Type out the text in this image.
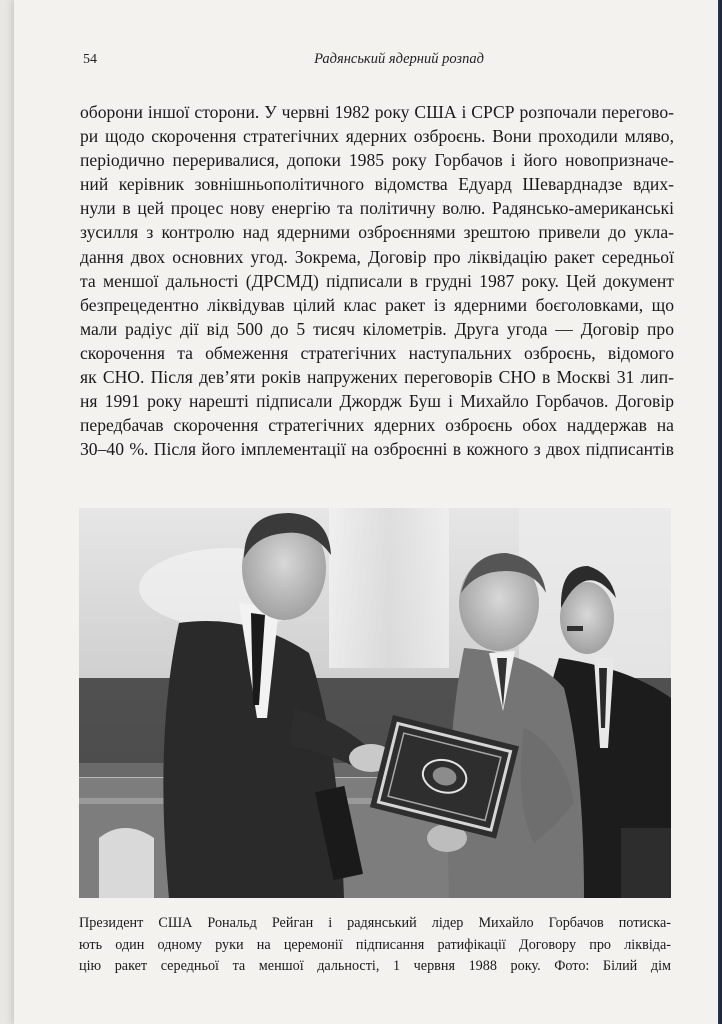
54	Радянський ядерний розпад
оборони іншої сторони. У червні 1982 року США і СРСР розпочали перегово-
ри щодо скорочення стратегічних ядерних озброєнь. Вони проходили мляво,
періодично переривалися, допоки 1985 року Горбачов і його новопризначе-
ний керівник зовнішньополітичного відомства Едуард Шеварднадзе вдих-
нули в цей процес нову енергію та політичну волю. Радянсько-американські
зусилля з контролю над ядерними озброєннями зрештою привели до укла-
дання двох основних угод. Зокрема, Договір про ліквідацію ракет середньої
та меншої дальності (ДРСМД) підписали в грудні 1987 року. Цей документ
безпрецедентно ліквідував цілий клас ракет із ядерними боєголовками, що
мали радіус дії від 500 до 5 тисяч кілометрів. Друга угода — Договір про
скорочення та обмеження стратегічних наступальних озброєнь, відомого
як СНО. Після дев’яти років напружених переговорів СНО в Москві 31 лип-
ня 1991 року нарешті підписали Джордж Буш і Михайло Горбачов. Договір
передбачав скорочення стратегічних ядерних озброєнь обох наддержав на
30–40 %. Після його імплементації на озброєнні в кожного з двох підписантів
Президент США Рональд Рейган і радянський лідер Михайло Горбачов потиска-
ють один одному руки на церемонії підписання ратифікації Договору про ліквіда-
цію ракет середньої та меншої дальності, 1 червня 1988 року. Фото: Білий дім
